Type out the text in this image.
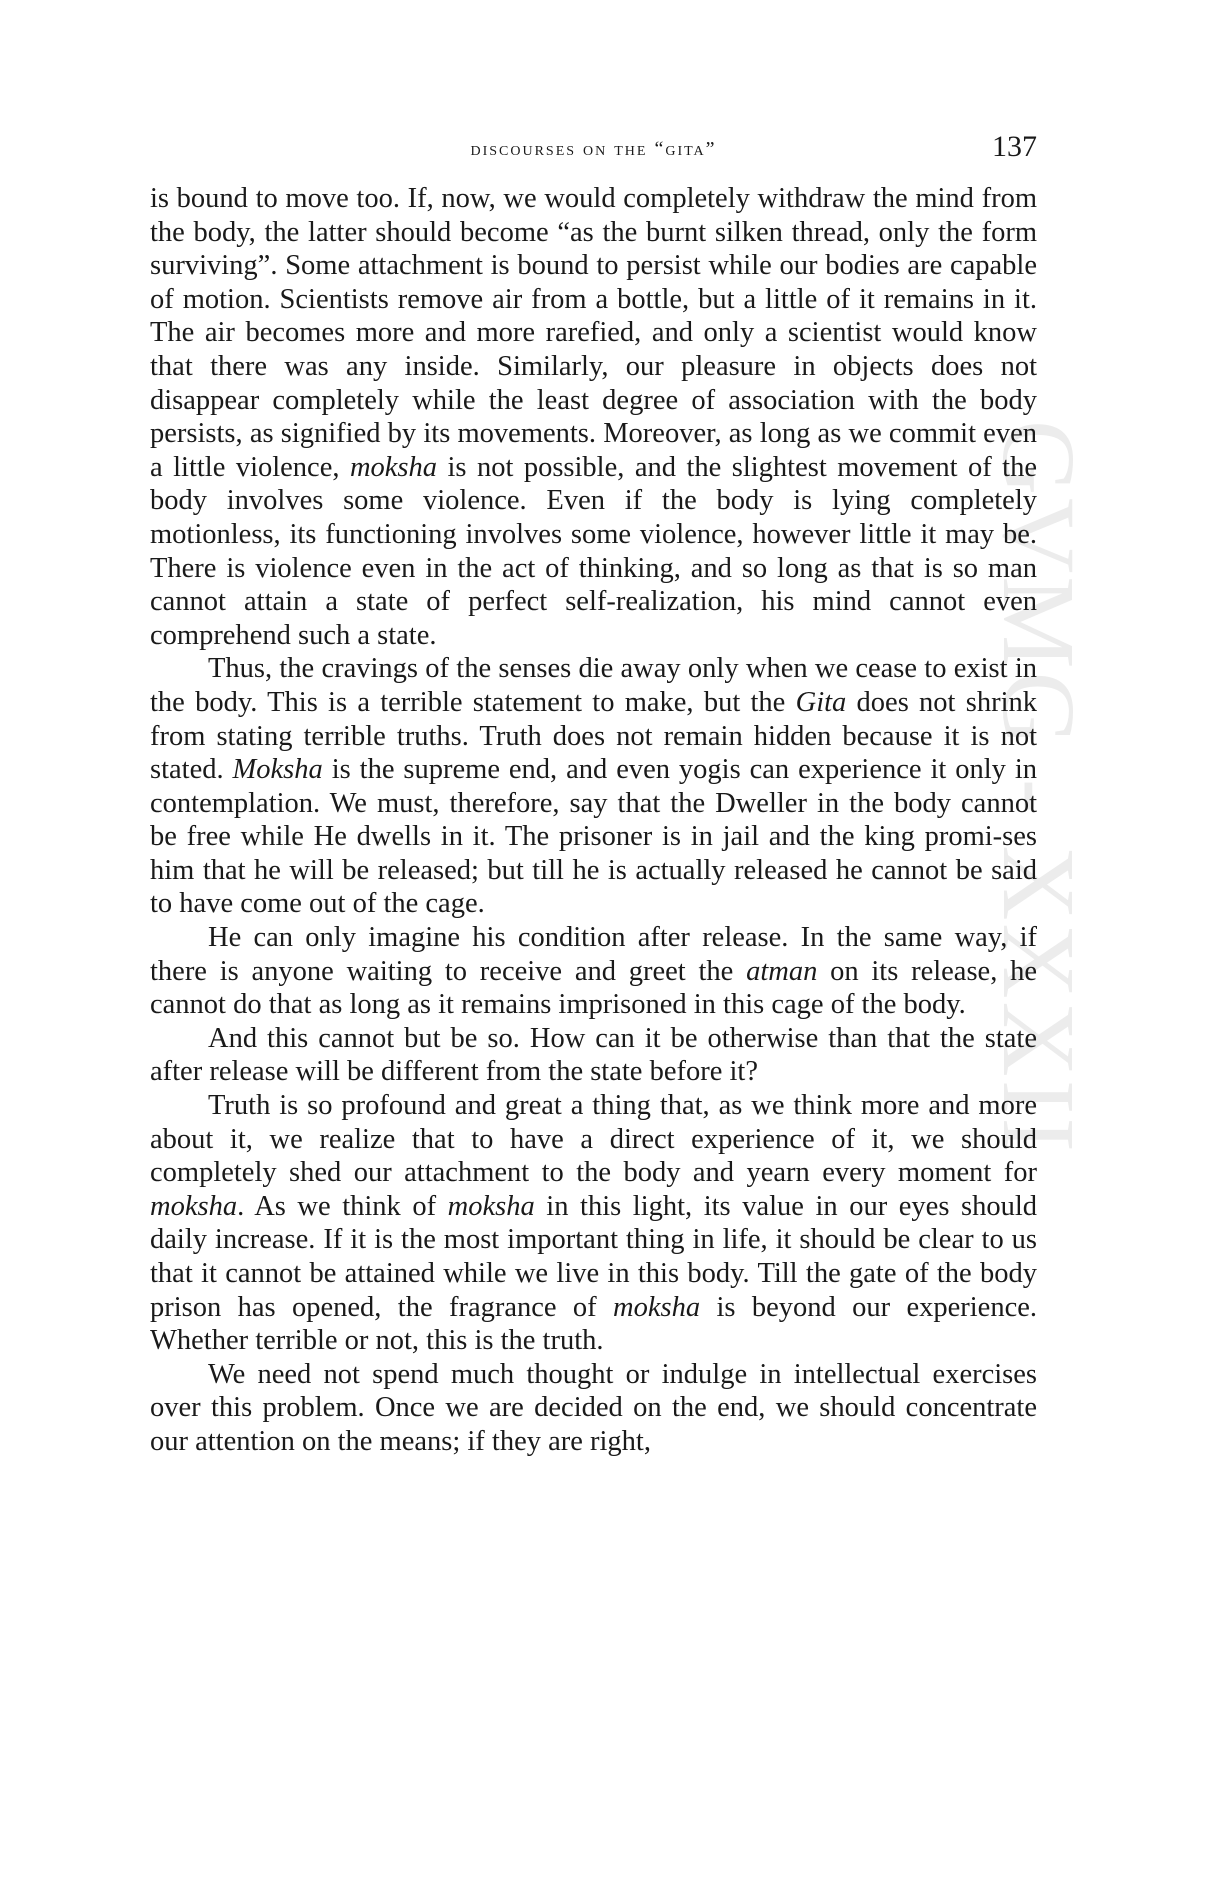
GVMG - XXXII
discourses on the “gita”	137

is bound to move too. If, now, we would completely withdraw the mind from the body, the latter should become “as the burnt silken thread, only the form surviving”. Some attachment is bound to persist while our bodies are capable of motion. Scientists remove air from a bottle, but a little of it remains in it. The air becomes more and more rarefied, and only a scientist would know that there was any inside. Similarly, our pleasure in objects does not disappear completely while the least degree of association with the body persists, as signified by its movements. Moreover, as long as we commit even a little violence, moksha is not possible, and the slightest movement of the body involves some violence. Even if the body is lying completely motionless, its functioning involves some violence, however little it may be. There is violence even in the act of thinking, and so long as that is so man cannot attain a state of perfect self-realization, his mind cannot even comprehend such a state.

Thus, the cravings of the senses die away only when we cease to exist in the body. This is a terrible statement to make, but the Gita does not shrink from stating terrible truths. Truth does not remain hidden because it is not stated. Moksha is the supreme end, and even yogis can experience it only in contemplation. We must, therefore, say that the Dweller in the body cannot be free while He dwells in it. The prisoner is in jail and the king promi-ses him that he will be released; but till he is actually released he cannot be said to have come out of the cage.

He can only imagine his condition after release. In the same way, if there is anyone waiting to receive and greet the atman on its release, he cannot do that as long as it remains imprisoned in this cage of the body.

And this cannot but be so. How can it be otherwise than that the state after release will be different from the state before it?

Truth is so profound and great a thing that, as we think more and more about it, we realize that to have a direct experience of it, we should completely shed our attachment to the body and yearn every moment for moksha. As we think of moksha in this light, its value in our eyes should daily increase. If it is the most important thing in life, it should be clear to us that it cannot be attained while we live in this body. Till the gate of the body prison has opened, the fragrance of moksha is beyond our experience. Whether terrible or not, this is the truth.

We need not spend much thought or indulge in intellectual exercises over this problem. Once we are decided on the end, we should concentrate our attention on the means; if they are right,
